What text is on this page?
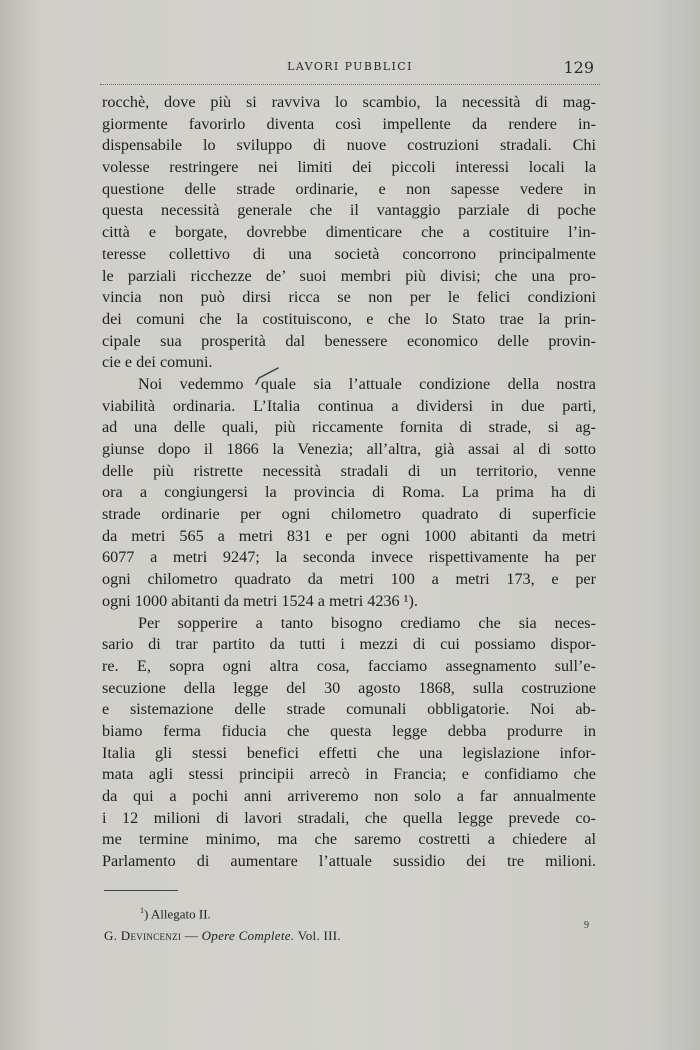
LAVORI PUBBLICI	129
rocchè, dove più si ravviva lo scambio, la necessità di mag-
giormente favorirlo diventa così impellente da rendere in-
dispensabile lo sviluppo di nuove costruzioni stradali. Chi
volesse restringere nei limiti dei piccoli interessi locali la
questione delle strade ordinarie, e non sapesse vedere in
questa necessità generale che il vantaggio parziale di poche
città e borgate, dovrebbe dimenticare che a costituire l’in-
teresse collettivo di una società concorrono principalmente
le parziali ricchezze de’ suoi membri più divisi; che una pro-
vincia non può dirsi ricca se non per le felici condizioni
dei comuni che la costituiscono, e che lo Stato trae la prin-
cipale sua prosperità dal benessere economico delle provin-
cie e dei comuni.
Noi vedemmo quale sia l’attuale condizione della nostra
viabilità ordinaria. L’Italia continua a dividersi in due parti,
ad una delle quali, più riccamente fornita di strade, si ag-
giunse dopo il 1866 la Venezia; all’altra, già assai al di sotto
delle più ristrette necessità stradali di un territorio, venne
ora a congiungersi la provincia di Roma. La prima ha di
strade ordinarie per ogni chilometro quadrato di superficie
da metri 565 a metri 831 e per ogni 1000 abitanti da metri
6077 a metri 9247; la seconda invece rispettivamente ha per
ogni chilometro quadrato da metri 100 a metri 173, e per
ogni 1000 abitanti da metri 1524 a metri 4236 ¹).
Per sopperire a tanto bisogno crediamo che sia neces-
sario di trar partito da tutti i mezzi di cui possiamo dispor-
re. E, sopra ogni altra cosa, facciamo assegnamento sull’e-
secuzione della legge del 30 agosto 1868, sulla costruzione
e sistemazione delle strade comunali obbligatorie. Noi ab-
biamo ferma fiducia che questa legge debba produrre in
Italia gli stessi benefici effetti che una legislazione infor-
mata agli stessi principii arrecò in Francia; e confidiamo che
da qui a pochi anni arriveremo non solo a far annualmente
i 12 milioni di lavori stradali, che quella legge prevede co-
me termine minimo, ma che saremo costretti a chiedere al
Parlamento di aumentare l’attuale sussidio dei tre milioni.
$^1$) Allegato II.
G. Devincenzi — Opere Complete. Vol. III.
9
